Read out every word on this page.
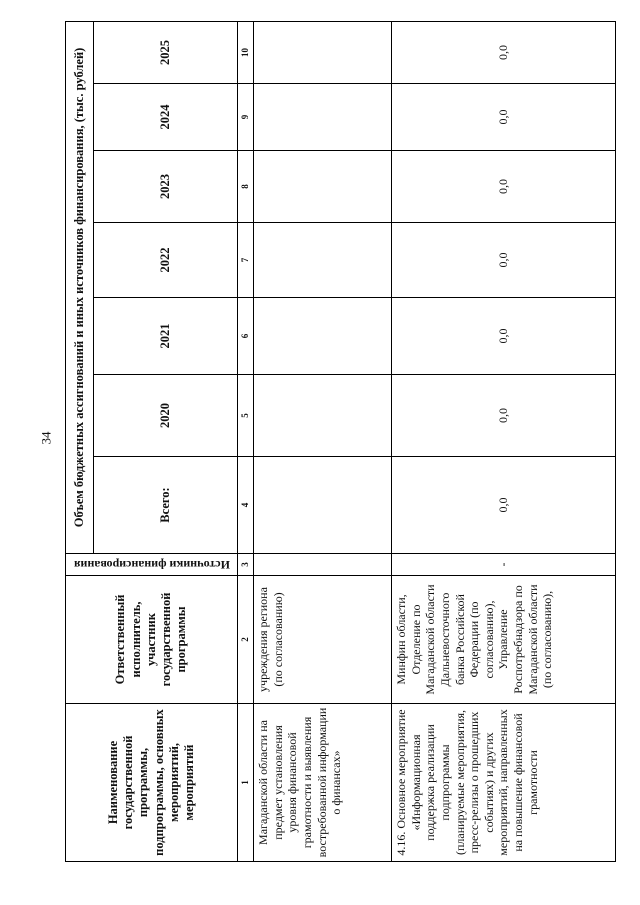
34
Наименование государственной программы, подпрограммы, основных мероприятий, мероприятий	Ответственный исполнитель, участник государственной программы	Источники финансирования	Объем бюджетных ассигнований и иных источников финансирования, (тыс. рублей)						
			Всего:	2020	2021	2022	2023	2024	2025
1	2	3	4	5	6	7	8	9	10
Магаданской области на предмет установления уровня финансовой грамотности и выявления востребованной информации о финансах»	учреждения региона (по согласованию)								
4.16. Основное мероприятие «Информационная поддержка реализации подпрограммы (планируемые мероприятия, пресс-релизы о прошедших событиях) и других мероприятий, направленных на повышение финансовой грамотности	Минфин области, Отделение по Магаданской области Дальневосточного банка Российской Федерации (по согласованию), Управление Роспотребнадзора по Магаданской области (по согласованию),	-	0,0	0,0	0,0	0,0	0,0	0,0	0,0
